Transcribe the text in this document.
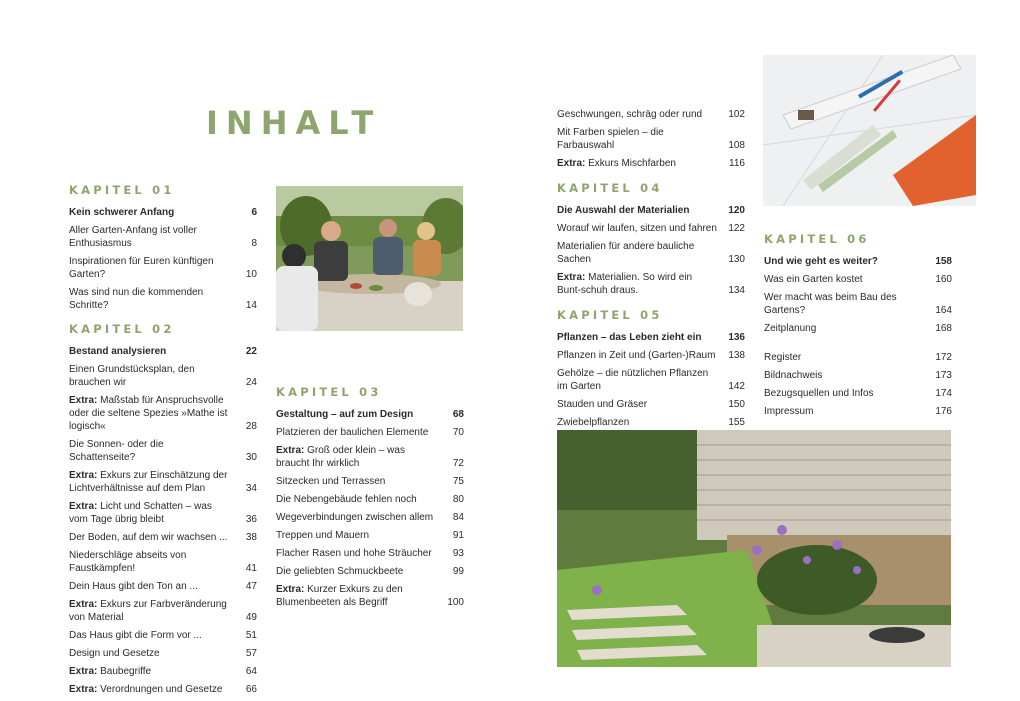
INHALT
KAPITEL 01
Kein schwerer Anfang	6
Aller Garten-Anfang ist voller Enthusiasmus	8
Inspirationen für Euren künftigen Garten?	10
Was sind nun die kommenden Schritte?	14
KAPITEL 02
Bestand analysieren	22
Einen Grundstücksplan, den brauchen wir	24
Extra: Maßstab für Anspruchsvolle oder die seltene Spezies »Mathe ist logisch«	28
Die Sonnen- oder die Schattenseite?	30
Extra: Exkurs zur Einschätzung der Lichtverhältnisse auf dem Plan	34
Extra: Licht und Schatten – was vom Tage übrig bleibt	36
Der Boden, auf dem wir wachsen ...	38
Niederschläge abseits von Faustkämpfen!	41
Dein Haus gibt den Ton an ...	47
Extra: Exkurs zur Farbveränderung von Material	49
Das Haus gibt die Form vor ...	51
Design und Gesetze	57
Extra: Baubegriffe	64
Extra: Verordnungen und Gesetze	66
KAPITEL 03
Gestaltung – auf zum Design	68
Platzieren der baulichen Elemente	70
Extra: Groß oder klein – was braucht Ihr wirklich	72
Sitzecken und Terrassen	75
Die Nebengebäude fehlen noch	80
Wegeverbindungen zwischen allem	84
Treppen und Mauern	91
Flacher Rasen und hohe Sträucher	93
Die geliebten Schmuckbeete	99
Extra: Kurzer Exkurs zu den Blumenbeeten als Begriff	100
Geschwungen, schräg oder rund	102
Mit Farben spielen – die Farbauswahl	108
Extra: Exkurs Mischfarben	116
KAPITEL 04
Die Auswahl der Materialien	120
Worauf wir laufen, sitzen und fahren	122
Materialien für andere bauliche Sachen	130
Extra: Materialien. So wird ein Bunt-schuh draus.	134
KAPITEL 05
Pflanzen – das Leben zieht ein	136
Pflanzen in Zeit und (Garten-)Raum	138
Gehölze – die nützlichen Pflanzen im Garten	142
Stauden und Gräser	150
Zwiebelpflanzen	155
KAPITEL 06
Und wie geht es weiter?	158
Was ein Garten kostet	160
Wer macht was beim Bau des Gartens?	164
Zeitplanung	168
Register	172
Bildnachweis	173
Bezugsquellen und Infos	174
Impressum	176
